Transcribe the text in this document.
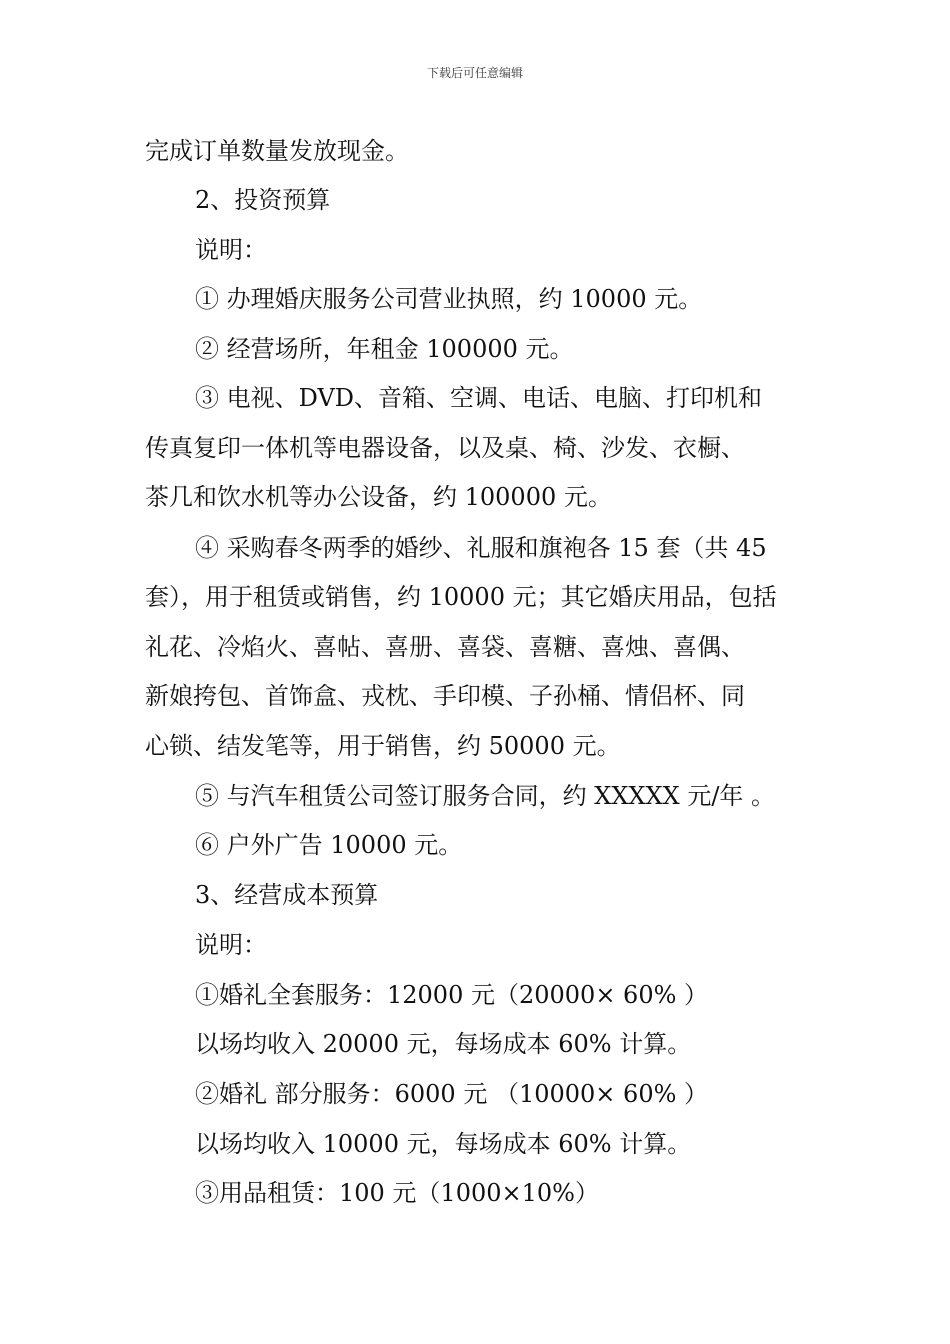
下载后可任意编辑
完成订单数量发放现金。
2、投资预算
说明：
① 办理婚庆服务公司营业执照，约 10000 元。
② 经营场所，年租金 100000 元。
③ 电视、DVD、音箱、空调、电话、电脑、打印机和
传真复印一体机等电器设备，以及桌、椅、沙发、衣橱、
茶几和饮水机等办公设备，约 100000 元。
④ 采购春冬两季的婚纱、礼服和旗袍各 15 套（共 45
套），用于租赁或销售，约 10000 元；其它婚庆用品，包括
礼花、冷焰火、喜帖、喜册、喜袋、喜糖、喜烛、喜偶、
新娘挎包、首饰盒、戎枕、手印模、子孙桶、情侣杯、同
心锁、结发笔等，用于销售，约 50000 元。
⑤ 与汽车租赁公司签订服务合同，约 XXXXX 元/年 。
⑥ 户外广告 10000 元。
3、经营成本预算
说明：
①婚礼全套服务：12000 元（20000× 60% ）
以场均收入 20000 元，每场成本 60% 计算。
②婚礼 部分服务：6000 元 （10000× 60% ）
以场均收入 10000 元，每场成本 60% 计算。
③用品租赁：100 元（1000×10%）
